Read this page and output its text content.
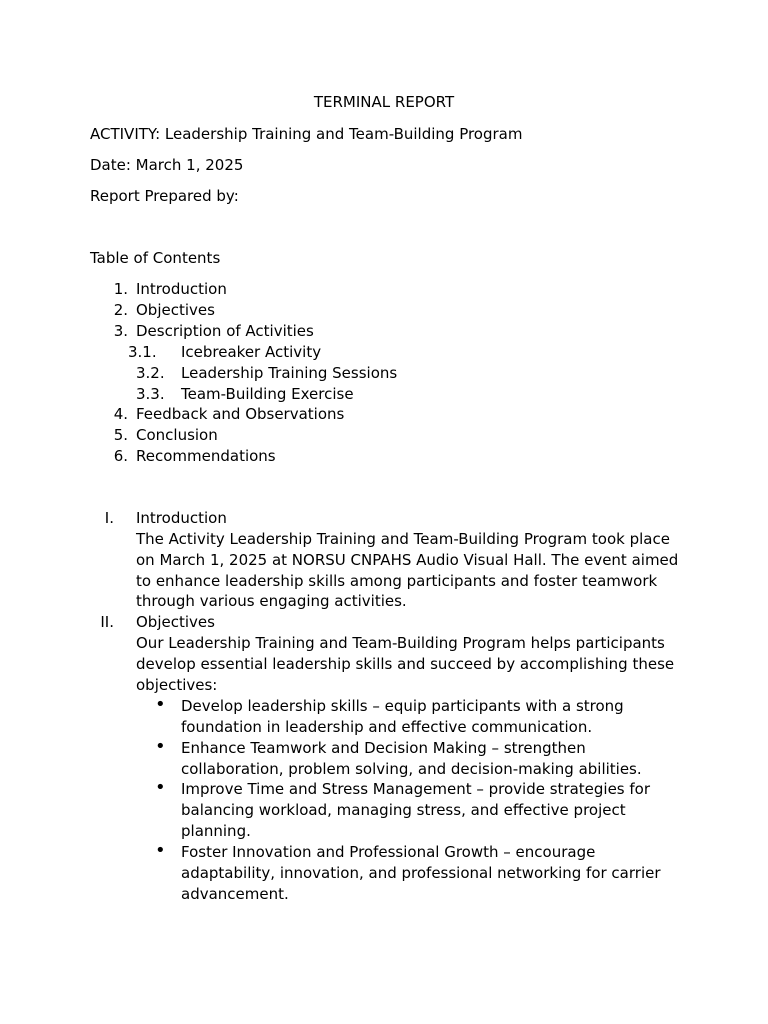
TERMINAL REPORT
ACTIVITY: Leadership Training and Team-Building Program
Date: March 1, 2025
Report Prepared by:
Table of Contents
1. Introduction
2. Objectives
3. Description of Activities
3.1.	Icebreaker Activity
3.2.	Leadership Training Sessions
3.3.	Team-Building Exercise
4. Feedback and Observations
5. Conclusion
6. Recommendations
I. Introduction
The Activity Leadership Training and Team-Building Program took place on March 1, 2025 at NORSU CNPAHS Audio Visual Hall. The event aimed to enhance leadership skills among participants and foster teamwork through various engaging activities.
II. Objectives
Our Leadership Training and Team-Building Program helps participants develop essential leadership skills and succeed by accomplishing these objectives:
• Develop leadership skills – equip participants with a strong foundation in leadership and effective communication.
• Enhance Teamwork and Decision Making – strengthen collaboration, problem solving, and decision-making abilities.
• Improve Time and Stress Management – provide strategies for balancing workload, managing stress, and effective project planning.
• Foster Innovation and Professional Growth – encourage adaptability, innovation, and professional networking for carrier advancement.
